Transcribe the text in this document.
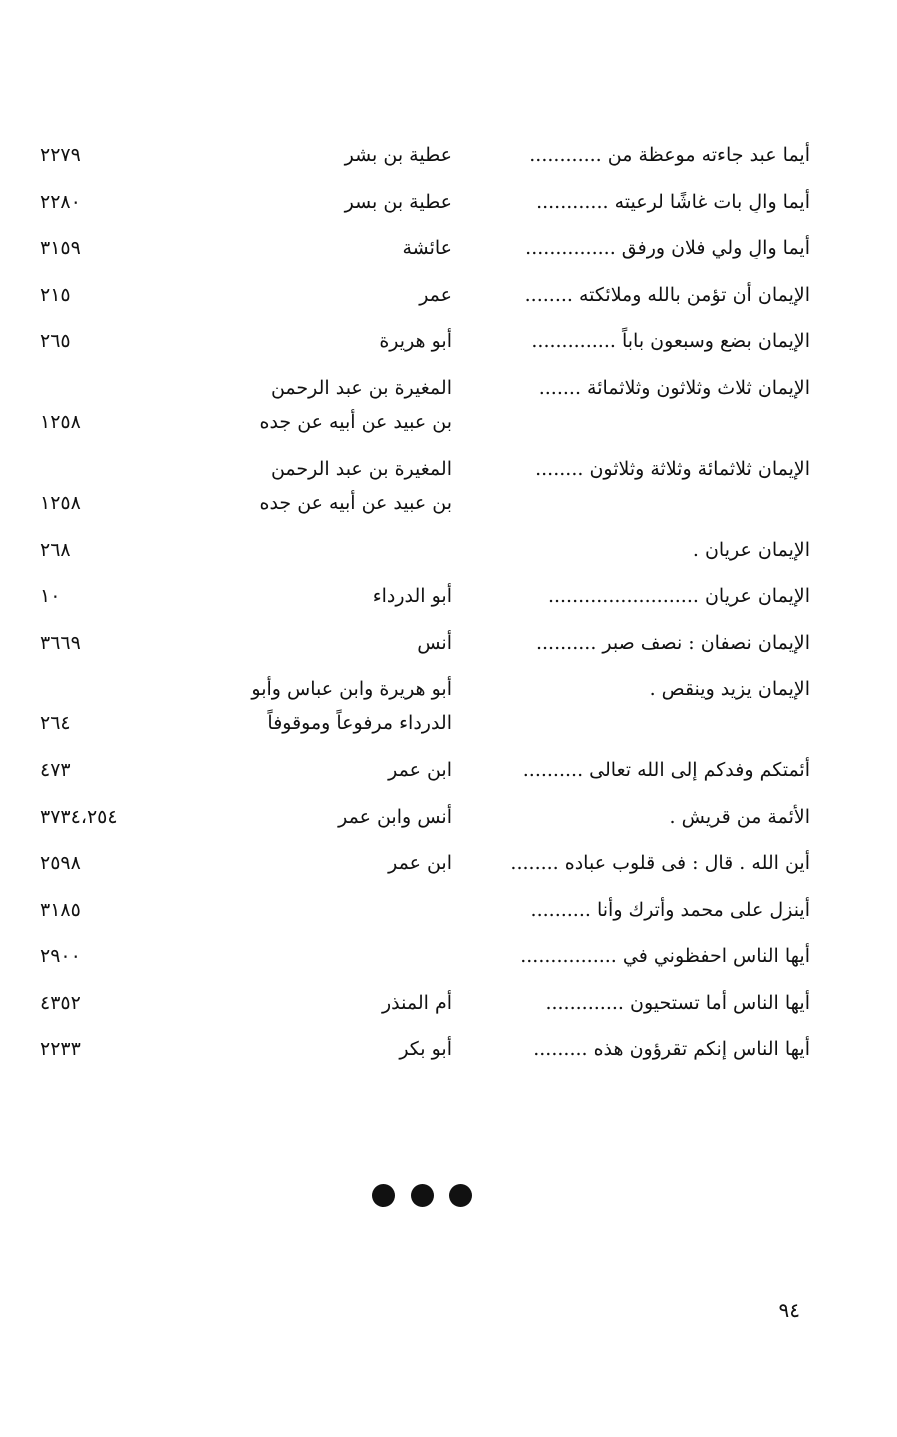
أيما عبد جاءته موعظة من ............
عطية بن بشر
٢٢٧٩
أيما والٍ بات غاشًا لرعيته ............
عطية بن بسر
٢٢٨٠
أيما والٍ ولي فلان ورفق ...............
عائشة
٣١٥٩
الإيمان أن تؤمن بالله وملائكته ........
عمر
٢١٥
الإيمان بضع وسبعون باباً ..............
أبو هريرة
٢٦٥
الإيمان ثلاث وثلاثون وثلاثمائة .......
المغيرة بن عبد الرحمن بن عبيد عن أبيه عن جده
١٢٥٨
الإيمان ثلاثمائة وثلاثة وثلاثون ........
المغيرة بن عبد الرحمن بن عبيد عن أبيه عن جده
١٢٥٨
الإيمان عريان .
٢٦٨
الإيمان عريان .........................
أبو الدرداء
١٠
الإيمان نصفان : نصف صبر ..........
أنس
٣٦٦٩
الإيمان يزيد وينقص .
أبو هريرة وابن عباس وأبو الدرداء مرفوعاً وموقوفاً
٢٦٤
أئمتكم وفدكم إلى الله تعالى ..........
ابن عمر
٤٧٣
الأئمة من قريش .
أنس وابن عمر
٣٧٣٤،٢٥٤
أين الله . قال : فى قلوب عباده ........
ابن عمر
٢٥٩٨
أينزل على محمد وأترك وأنا ..........
٣١٨٥
أيها الناس احفظوني في ................
٢٩٠٠
أيها الناس أما تستحيون .............
أم المنذر
٤٣٥٢
أيها الناس إنكم تقرؤون هذه .........
أبو بكر
٢٢٣٣
٩٤
